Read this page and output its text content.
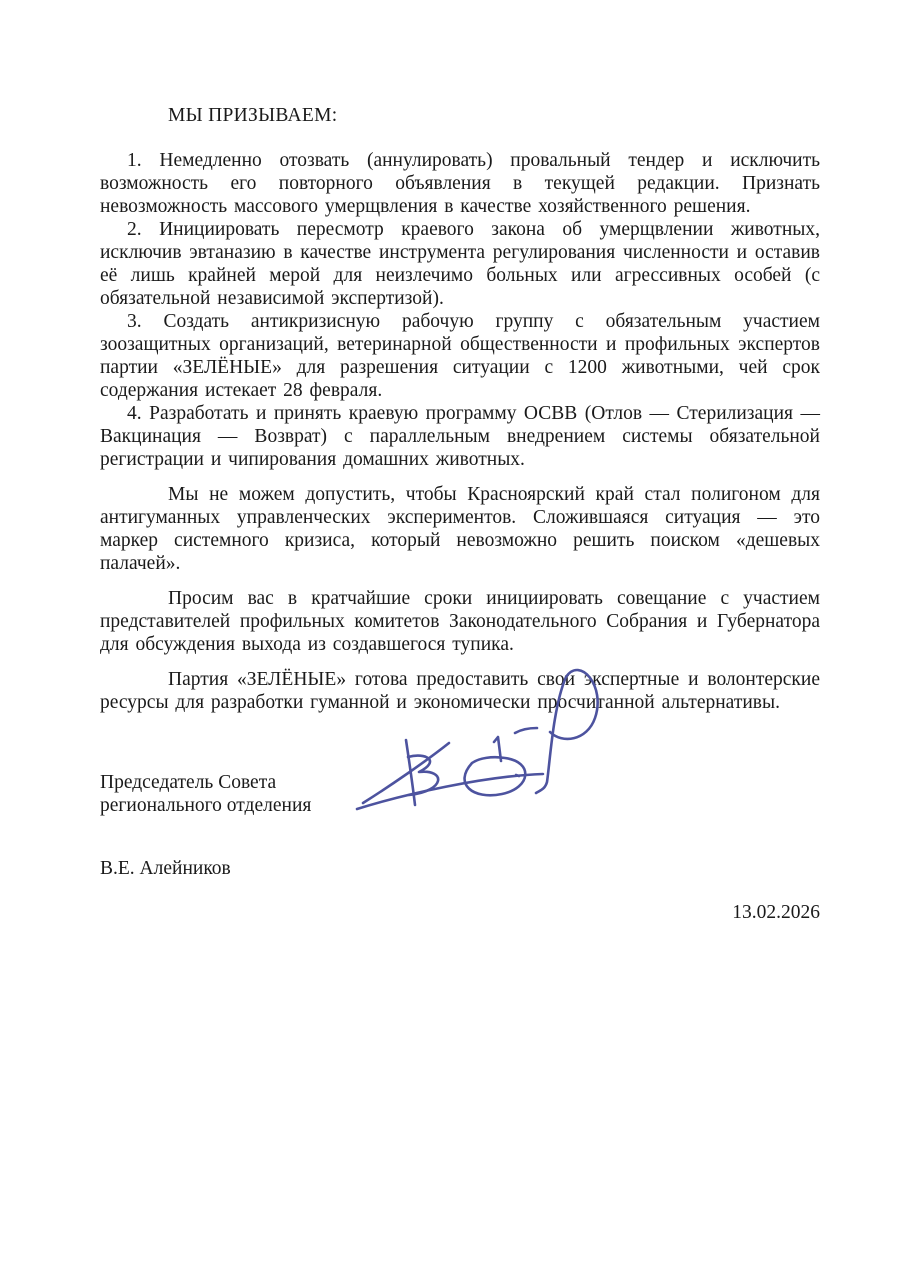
МЫ ПРИЗЫВАЕМ:

1. Немедленно отозвать (аннулировать) провальный тендер и исключить возможность его повторного объявления в текущей редакции. Признать невозможность массового умерщвления в качестве хозяйственного решения.

2. Инициировать пересмотр краевого закона об умерщвлении животных, исключив эвтаназию в качестве инструмента регулирования численности и оставив её лишь крайней мерой для неизлечимо больных или агрессивных особей (с обязательной независимой экспертизой).

3. Создать антикризисную рабочую группу с обязательным участием зоозащитных организаций, ветеринарной общественности и профильных экспертов партии «ЗЕЛЁНЫЕ» для разрешения ситуации с 1200 животными, чей срок содержания истекает 28 февраля.

4. Разработать и принять краевую программу ОСВВ (Отлов — Стерилизация — Вакцинация — Возврат) с параллельным внедрением системы обязательной регистрации и чипирования домашних животных.

Мы не можем допустить, чтобы Красноярский край стал полигоном для антигуманных управленческих экспериментов. Сложившаяся ситуация — это маркер системного кризиса, который невозможно решить поиском «дешевых палачей».

Просим вас в кратчайшие сроки инициировать совещание с участием представителей профильных комитетов Законодательного Собрания и Губернатора для обсуждения выхода из создавшегося тупика.

Партия «ЗЕЛЁНЫЕ» готова предоставить свои экспертные и волонтерские ресурсы для разработки гуманной и экономически просчитанной альтернативы.

Председатель Совета

регионального отделения

В.Е. Алейников

13.02.2026
